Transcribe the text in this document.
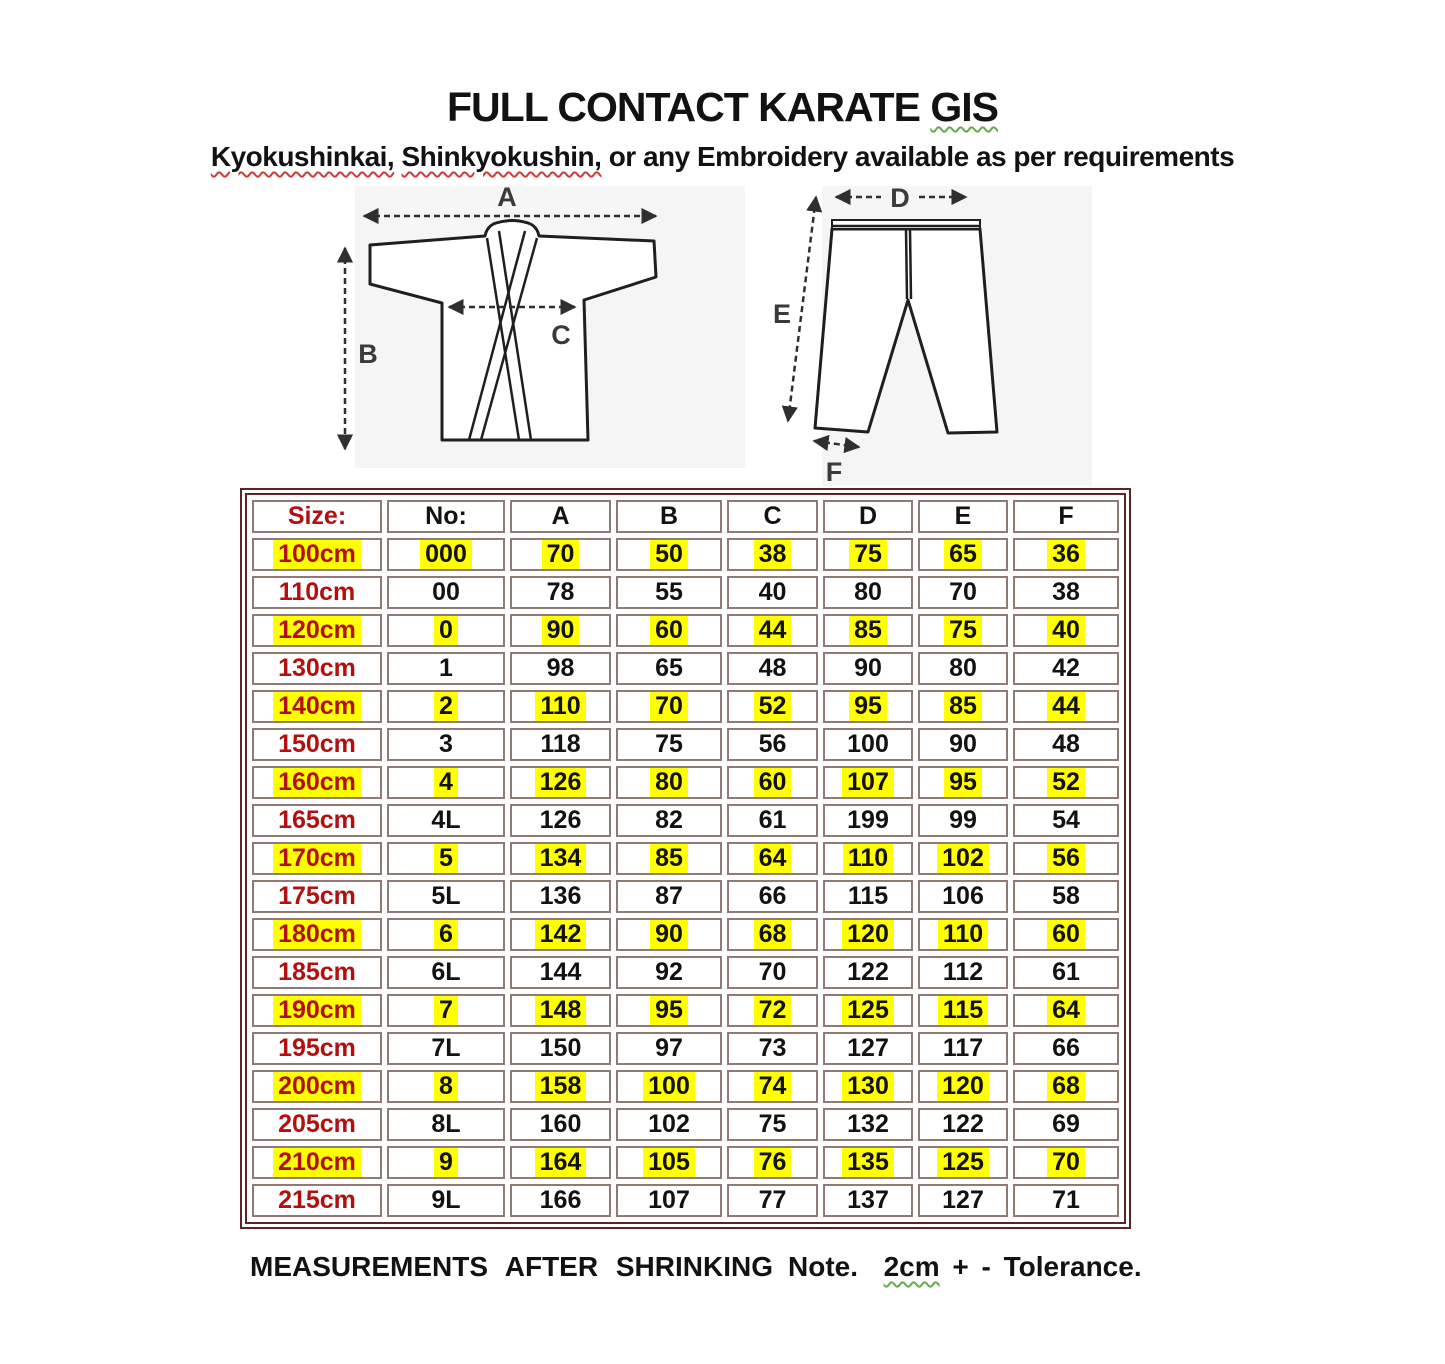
FULL CONTACT KARATE GIS
Kyokushinkai, Shinkyokushin, or any Embroidery available as per requirements
A
B
C
D
E
F
Size:	No:	A	B	C	D	E	F
100cm	000	70	50	38	75	65	36
110cm	00	78	55	40	80	70	38
120cm	0	90	60	44	85	75	40
130cm	1	98	65	48	90	80	42
140cm	2	110	70	52	95	85	44
150cm	3	118	75	56	100	90	48
160cm	4	126	80	60	107	95	52
165cm	4L	126	82	61	199	99	54
170cm	5	134	85	64	110	102	56
175cm	5L	136	87	66	115	106	58
180cm	6	142	90	68	120	110	60
185cm	6L	144	92	70	122	112	61
190cm	7	148	95	72	125	115	64
195cm	7L	150	97	73	127	117	66
200cm	8	158	100	74	130	120	68
205cm	8L	160	102	75	132	122	69
210cm	9	164	105	76	135	125	70
215cm	9L	166	107	77	137	127	71
MEASUREMENTS AFTER SHRINKING Note.  2cm + - Tolerance.
